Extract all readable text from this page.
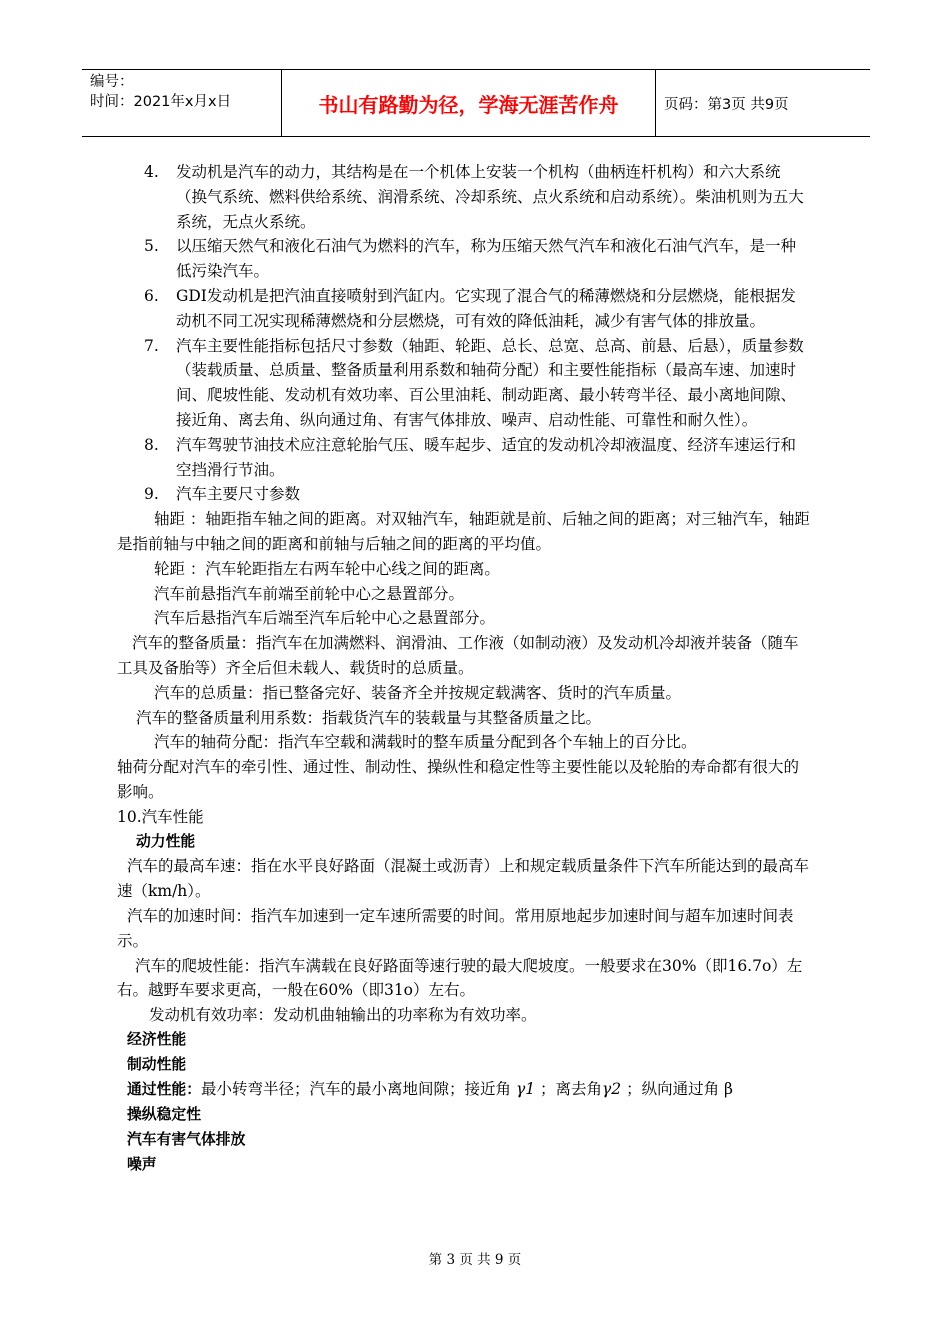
编号：
时间：2021年x月x日	书山有路勤为径，学海无涯苦作舟	页码：第3页 共9页
4. 发动机是汽车的动力，其结构是在一个机体上安装一个机构（曲柄连杆机构）和六大系统（换气系统、燃料供给系统、润滑系统、冷却系统、点火系统和启动系统）。柴油机则为五大系统，无点火系统。
5. 以压缩天然气和液化石油气为燃料的汽车，称为压缩天然气汽车和液化石油气汽车，是一种低污染汽车。
6. GDI发动机是把汽油直接喷射到汽缸内。它实现了混合气的稀薄燃烧和分层燃烧，能根据发动机不同工况实现稀薄燃烧和分层燃烧，可有效的降低油耗，减少有害气体的排放量。
7. 汽车主要性能指标包括尺寸参数（轴距、轮距、总长、总宽、总高、前悬、后悬），质量参数（装载质量、总质量、整备质量利用系数和轴荷分配）和主要性能指标（最高车速、加速时间、爬坡性能、发动机有效功率、百公里油耗、制动距离、最小转弯半径、最小离地间隙、接近角、离去角、纵向通过角、有害气体排放、噪声、启动性能、可靠性和耐久性）。
8. 汽车驾驶节油技术应注意轮胎气压、暖车起步、适宜的发动机冷却液温度、经济车速运行和空挡滑行节油。
9. 汽车主要尺寸参数

轴距 ：轴距指车轴之间的距离。对双轴汽车，轴距就是前、后轴之间的距离；对三轴汽车，轴距是指前轴与中轴之间的距离和前轴与后轴之间的距离的平均值。

轮距 ：汽车轮距指左右两车轮中心线之间的距离。

汽车前悬指汽车前端至前轮中心之悬置部分。

汽车后悬指汽车后端至汽车后轮中心之悬置部分。

汽车的整备质量：指汽车在加满燃料、润滑油、工作液（如制动液）及发动机冷却液并装备（随车工具及备胎等）齐全后但未载人、载货时的总质量。

汽车的总质量：指已整备完好、装备齐全并按规定载满客、货时的汽车质量。

汽车的整备质量利用系数：指载货汽车的装载量与其整备质量之比。

汽车的轴荷分配：指汽车空载和满载时的整车质量分配到各个车轴上的百分比。

轴荷分配对汽车的牵引性、通过性、制动性、操纵性和稳定性等主要性能以及轮胎的寿命都有很大的影响。

10.汽车性能

动力性能

汽车的最高车速：指在水平良好路面（混凝土或沥青）上和规定载质量条件下汽车所能达到的最高车速（km/h）。

汽车的加速时间：指汽车加速到一定车速所需要的时间。常用原地起步加速时间与超车加速时间表示。

汽车的爬坡性能：指汽车满载在良好路面等速行驶的最大爬坡度。一般要求在30%（即16.7o）左右。越野车要求更高，一般在60%（即31o）左右。

发动机有效功率：发动机曲轴输出的功率称为有效功率。

经济性能

制动性能

通过性能：最小转弯半径；汽车的最小离地间隙；接近角 γ1 ；离去角γ2 ；纵向通过角 β

操纵稳定性

汽车有害气体排放

噪声

第 3 页 共 9 页
